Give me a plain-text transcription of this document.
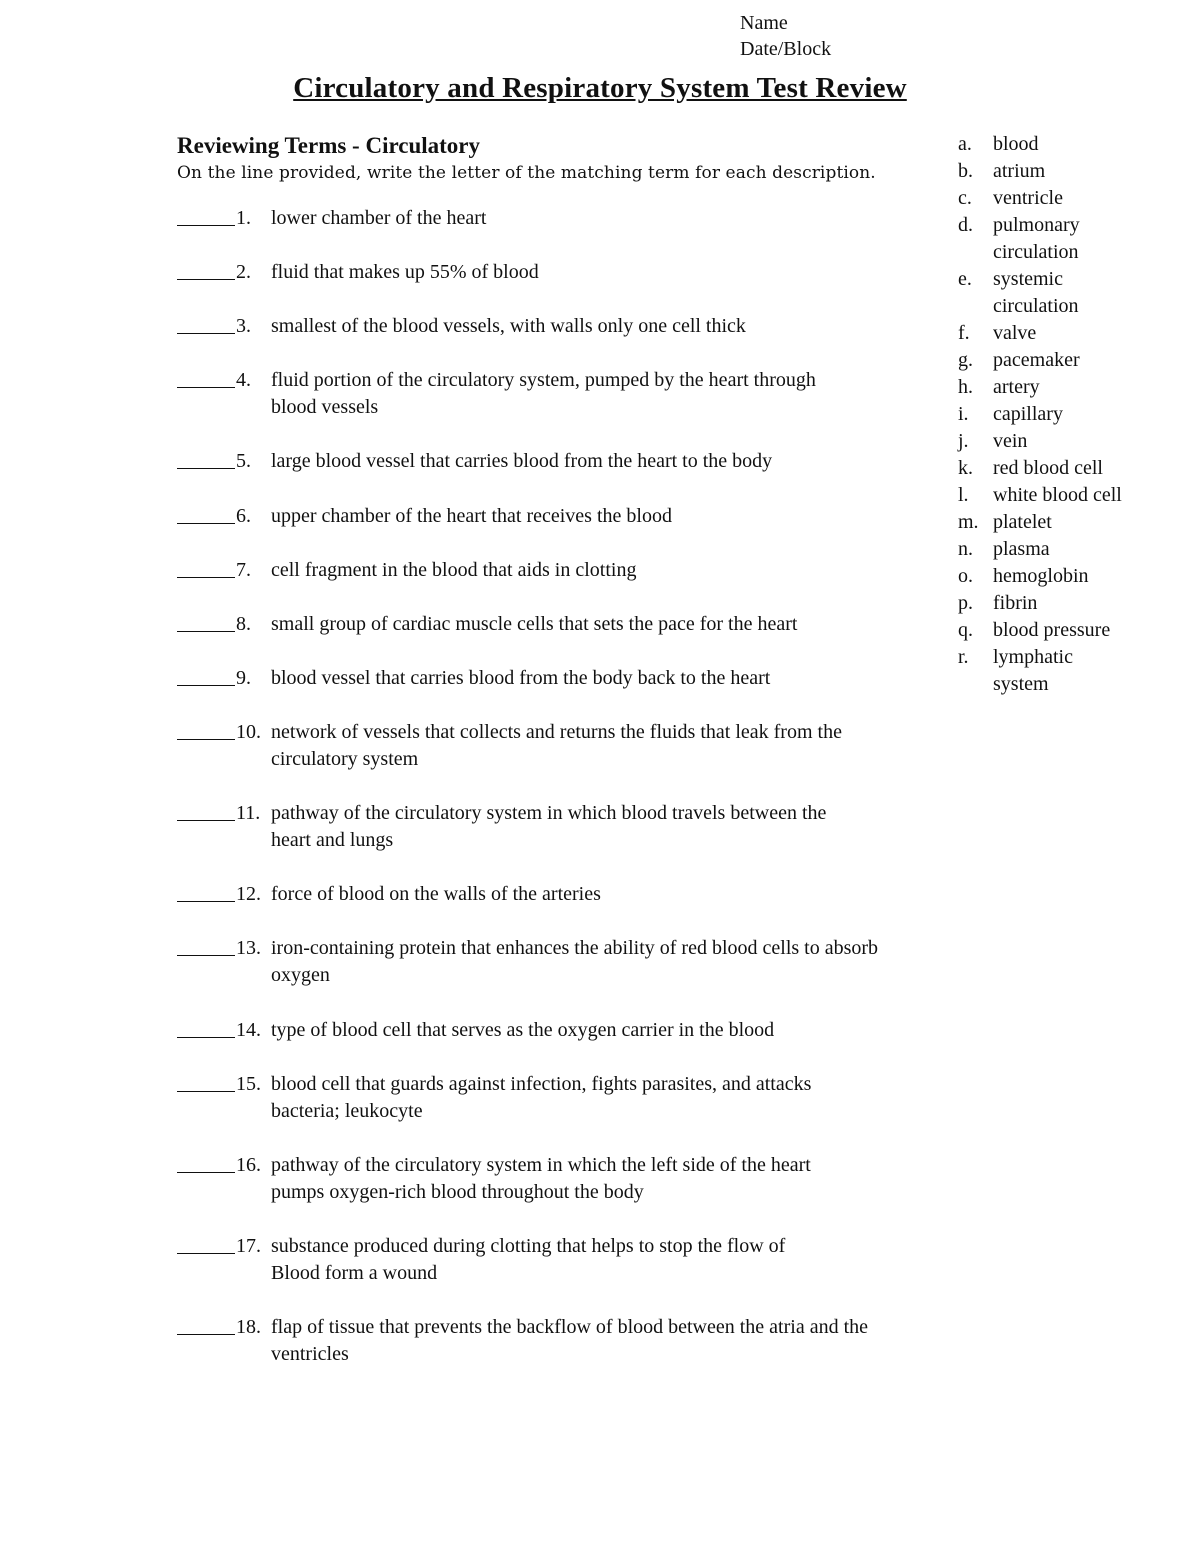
Name
Date/Block
Circulatory and Respiratory System Test Review
Reviewing Terms - Circulatory
On the line provided, write the letter of the matching term for each description.
1. lower chamber of the heart
2. fluid that makes up 55% of blood
3. smallest of the blood vessels, with walls only one cell thick
4. fluid portion of the circulatory system, pumped by the heart through
blood vessels
5. large blood vessel that carries blood from the heart to the body
6. upper chamber of the heart that receives the blood
7. cell fragment in the blood that aids in clotting
8. small group of cardiac muscle cells that sets the pace for the heart
9. blood vessel that carries blood from the body back to the heart
10. network of vessels that collects and returns the fluids that leak from the
circulatory system
11. pathway of the circulatory system in which blood travels between the
heart and lungs
12. force of blood on the walls of the arteries
13. iron-containing protein that enhances the ability of red blood cells to absorb
oxygen
14. type of blood cell that serves as the oxygen carrier in the blood
15. blood cell that guards against infection, fights parasites, and attacks
bacteria; leukocyte
16. pathway of the circulatory system in which the left side of the heart
pumps oxygen-rich blood throughout the body
17. substance produced during clotting that helps to stop the flow of
Blood form a wound
18. flap of tissue that prevents the backflow of blood between the atria and the
ventricles
a. blood
b. atrium
c. ventricle
d. pulmonary
circulation
e. systemic
circulation
f. valve
g. pacemaker
h. artery
i. capillary
j. vein
k. red blood cell
l. white blood cell
m. platelet
n. plasma
o. hemoglobin
p. fibrin
q. blood pressure
r. lymphatic
system
